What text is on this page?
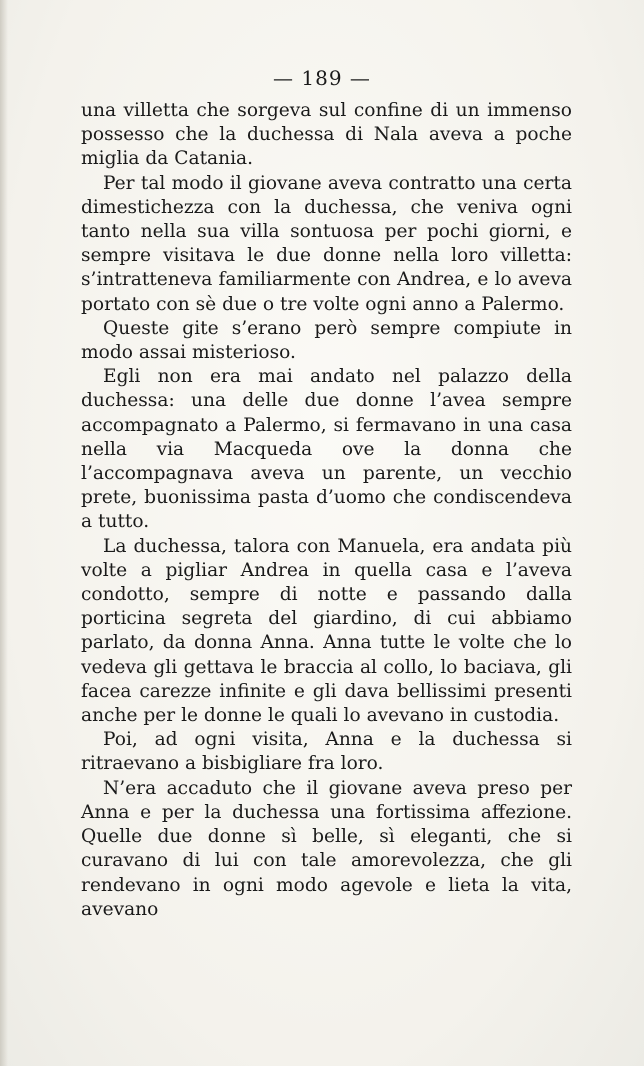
— 189 —

una villetta che sorgeva sul confine di un immenso possesso che la duchessa di Nala aveva a poche miglia da Catania.

Per tal modo il giovane aveva contratto una certa dimestichezza con la duchessa, che veniva ogni tanto nella sua villa sontuosa per pochi giorni, e sempre visitava le due donne nella loro villetta: s’intratteneva familiarmente con Andrea, e lo aveva portato con sè due o tre volte ogni anno a Palermo.

Queste gite s’erano però sempre compiute in modo assai misterioso.

Egli non era mai andato nel palazzo della duchessa: una delle due donne l’avea sempre accompagnato a Palermo, si fermavano in una casa nella via Macqueda ove la donna che l’accompagnava aveva un parente, un vecchio prete, buonissima pasta d’uomo che condiscendeva a tutto.

La duchessa, talora con Manuela, era andata più volte a pigliar Andrea in quella casa e l’aveva condotto, sempre di notte e passando dalla porticina segreta del giardino, di cui abbiamo parlato, da donna Anna. Anna tutte le volte che lo vedeva gli gettava le braccia al collo, lo baciava, gli facea carezze infinite e gli dava bellissimi presenti anche per le donne le quali lo avevano in custodia.

Poi, ad ogni visita, Anna e la duchessa si ritraevano a bisbigliare fra loro.

N’era accaduto che il giovane aveva preso per Anna e per la duchessa una fortissima affezione. Quelle due donne sì belle, sì eleganti, che si curavano di lui con tale amorevolezza, che gli rendevano in ogni modo agevole e lieta la vita, avevano
